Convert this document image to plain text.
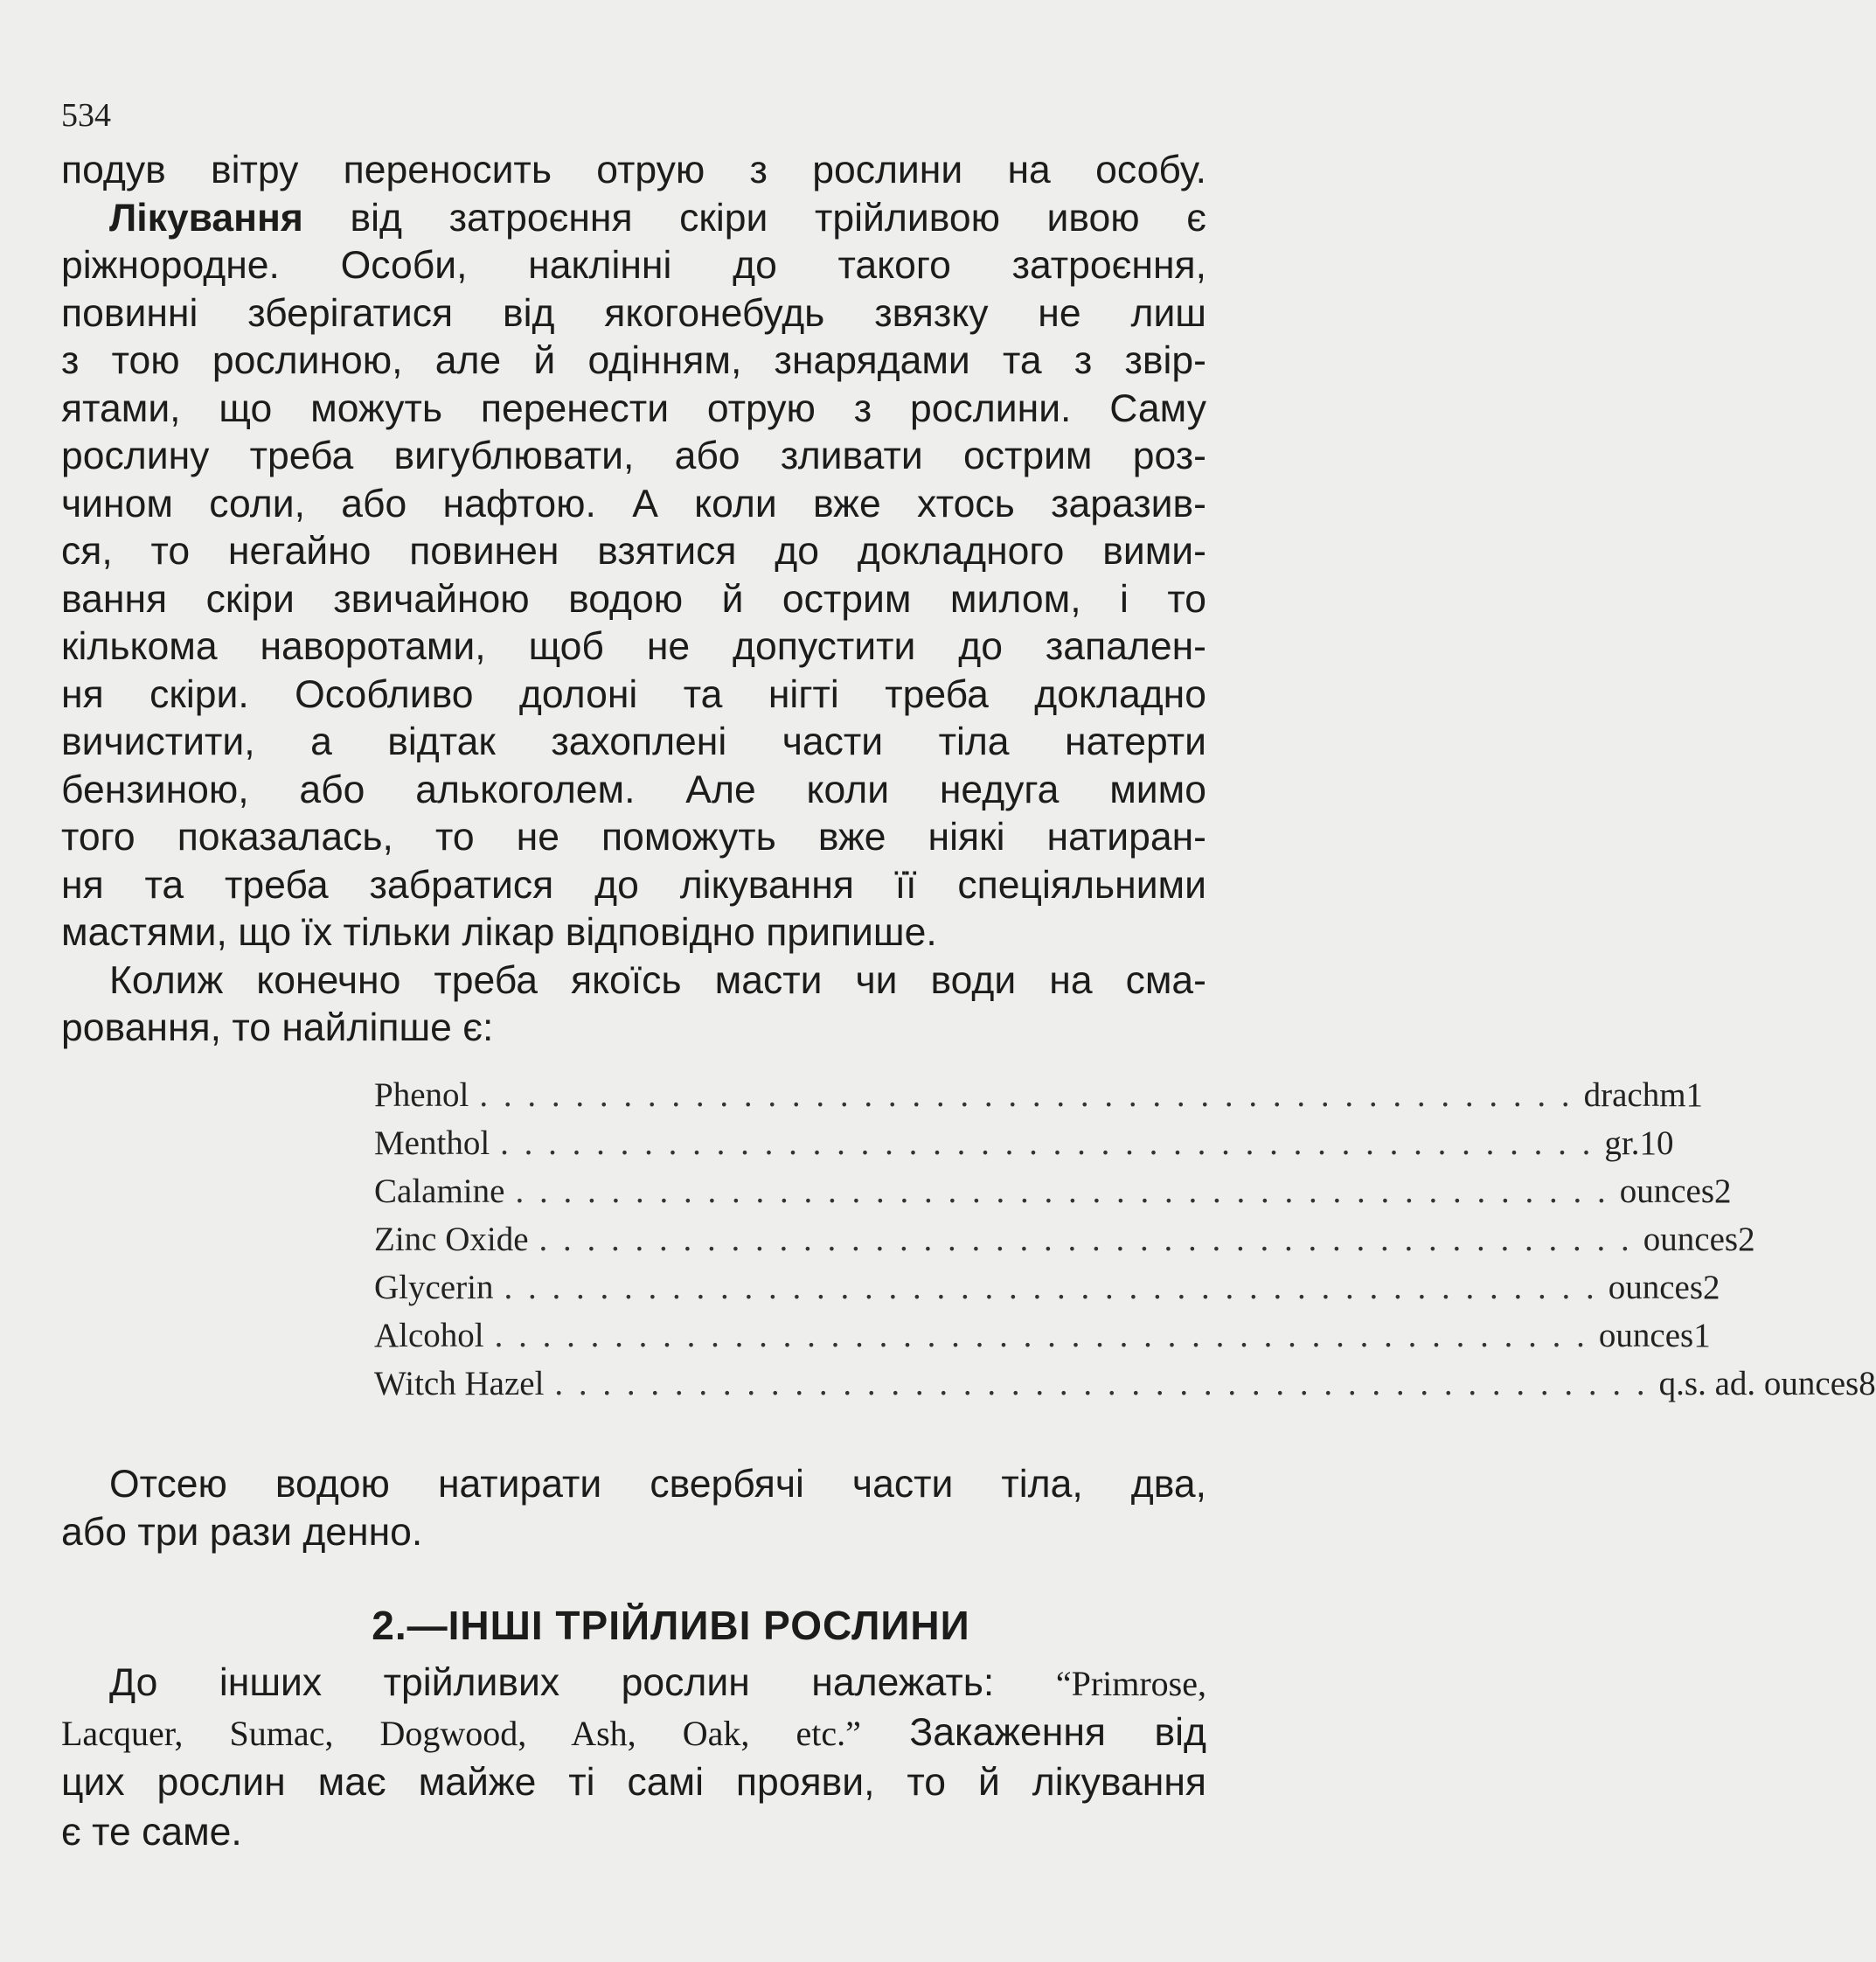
534
подув вітру переносить отрую з рослини на особу.
Лікування від затроєння скіри трійливою ивою є
ріжнородне. Особи, наклінні до такого затроєння,
повинні зберігатися від якогонебудь звязку не лиш
з тою рослиною, але й одінням, знарядами та з звір-
ятами, що можуть перенести отрую з рослини. Саму
рослину треба вигублювати, або зливати острим роз-
чином соли, або нафтою. А коли вже хтось заразив-
ся, то негайно повинен взятися до докладного вими-
вання скіри звичайною водою й острим милом, і то
кількома наворотами, щоб не допустити до запален-
ня скіри. Особливо долоні та нігті треба докладно
вичистити, а відтак захоплені части тіла натерти
бензиною, або алькоголем. Але коли недуга мимо
того показалась, то не поможуть вже ніякі натиран-
ня та треба забратися до лікування її спеціяльними
мастями, що їх тільки лікар відповідно припише.
Колиж конечно треба якоїсь масти чи води на сма-
ровання, то найліпше є:
Phenol . . . . . . . . . . . . . . . . . . . . . . . . . . . . . . . . . . . . . . . . . . . . . . drachm 1
Menthol . . . . . . . . . . . . . . . . . . . . . . . . . . . . . . . . . . . . . . . . . . . . . . gr. 10
Calamine . . . . . . . . . . . . . . . . . . . . . . . . . . . . . . . . . . . . . . . . . . . . . . ounces 2
Zinc Oxide . . . . . . . . . . . . . . . . . . . . . . . . . . . . . . . . . . . . . . . . . . . . . . ounces 2
Glycerin . . . . . . . . . . . . . . . . . . . . . . . . . . . . . . . . . . . . . . . . . . . . . . ounces 2
Alcohol . . . . . . . . . . . . . . . . . . . . . . . . . . . . . . . . . . . . . . . . . . . . . . ounces 1
Witch Hazel . . . . . . . . . . . . . . . . . . . . . . . . . . . . . . . . . . . . . . . . . . . . . . q.s. ad. ounces 8
Отсею водою натирати свербячі части тіла, два,
або три рази денно.
2.—ІНШІ ТРІЙЛИВІ РОСЛИНИ
До інших трійливих рослин належать: “Primrose,
Lacquer, Sumac, Dogwood, Ash, Oak, etc.” Закаження від
цих рослин має майже ті самі прояви, то й лікування
є те саме.
